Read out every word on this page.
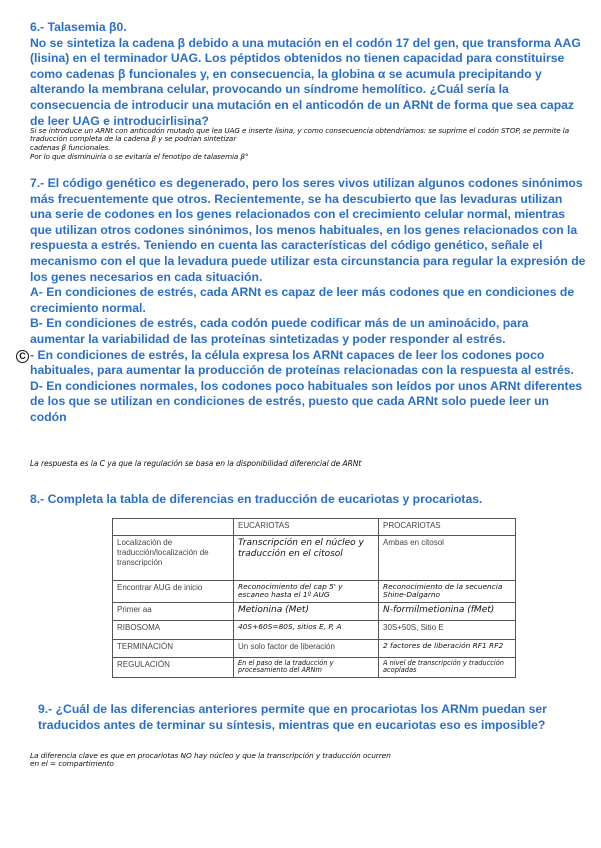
6.- Talasemia β0.

No se sintetiza la cadena β debido a una mutación en el codón 17 del gen, que transforma AAG (lisina) en el terminador UAG. Los péptidos obtenidos no tienen capacidad para constituirse como cadenas β funcionales y, en consecuencia, la globina α se acumula precipitando y alterando la membrana celular, provocando un síndrome hemolítico. ¿Cuál sería la consecuencia de introducir una mutación en el anticodón de un ARNt de forma que sea capaz de leer UAG e introducirlisina?

Si se introduce un ARNt con anticodón mutado que lea UAG e inserte lisina, y como consecuencia obtendríamos: se suprime el codón STOP, se permite la traducción completa de la cadena β y se podrían sintetizar

cadenas β funcionales.

Por lo que disminuiría o se evitaría el fenotipo de talasemia β°

7.- El código genético es degenerado, pero los seres vivos utilizan algunos codones sinónimos más frecuentemente que otros. Recientemente, se ha descubierto que las levaduras utilizan una serie de codones en los genes relacionados con el crecimiento celular normal, mientras que utilizan otros codones sinónimos, los menos habituales, en los genes relacionados con la respuesta a estrés. Teniendo en cuenta las características del código genético, señale el mecanismo con el que la levadura puede utilizar esta circunstancia para regular la expresión de los genes necesarios en cada situación.

A- En condiciones de estrés, cada ARNt es capaz de leer más codones que en condiciones de crecimiento normal.

B- En condiciones de estrés, cada codón puede codificar más de un aminoácido, para aumentar la variabilidad de las proteínas sintetizadas y poder responder al estrés.

C - En condiciones de estrés, la célula expresa los ARNt capaces de leer los codones poco habituales, para aumentar la producción de proteínas relacionadas con la respuesta al estrés.

D- En condiciones normales, los codones poco habituales son leídos por unos ARNt diferentes de los que se utilizan en condiciones de estrés, puesto que cada ARNt solo puede leer un codón

La respuesta es la C ya que la regulación se basa en la disponibilidad diferencial de ARNt

8.- Completa la tabla de diferencias en traducción de eucariotas y procariotas.

	EUCARIOTAS	PROCARIOTAS
Localización de traducción/localización de transcripción	Transcripción en el núcleo y traducción en el citosol	Ambas en citosol
Encontrar AUG de inicio	Reconocimiento del cap 5' y escaneo hasta el 1º AUG	Reconocimiento de la secuencia Shine-Dalgarno
Primer aa	Metionina (Met)	N-formilmetionina (fMet)
RIBOSOMA	40S+60S=80S, sitios E, P, A	30S+50S, Sitio E
TERMINACIÓN	Un solo factor de liberación	2 factores de liberación RF1 RF2
REGULACIÓN	En el paso de la traducción y procesamiento del ARNm	A nivel de transcripción y traducción acopladas

9.- ¿Cuál de las diferencias anteriores permite que en procariotas los ARNm puedan ser traducidos antes de terminar su síntesis, mientras que en eucariotas eso es imposible?

La diferencia clave es que en procariotas NO hay núcleo y que la transcripción y traducción ocurren

en el = compartimento
